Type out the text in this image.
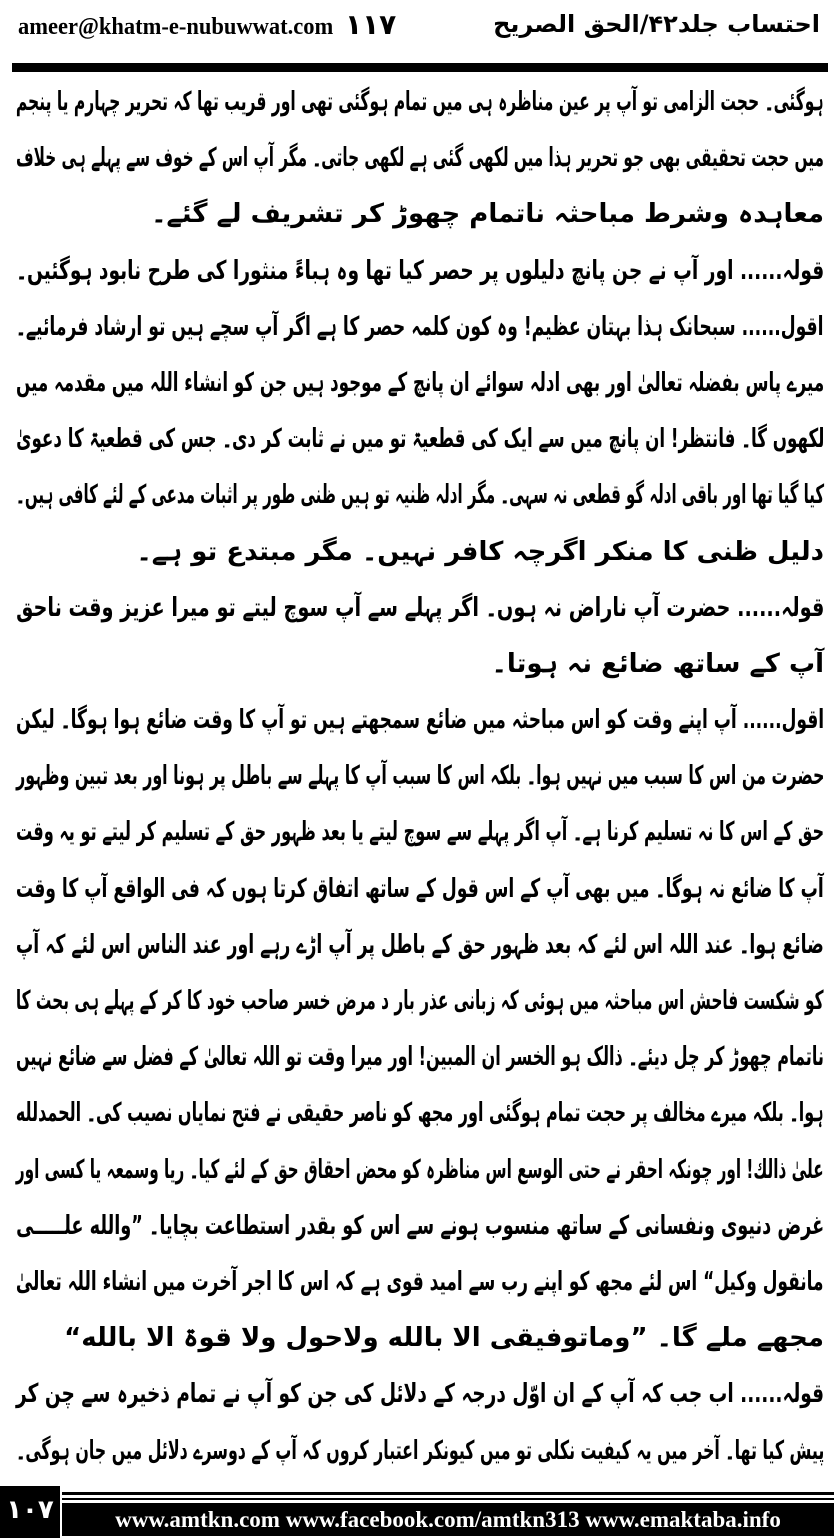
ameer@khatm-e-nubuwwat.com ۱۱۷	احتساب جلد۴۲/الحق الصریح
ہوگئی۔ حجت الزامی تو آپ پر عین مناظرہ ہی میں تمام ہوگئی تھی اور قریب تھا کہ تحریر چہارم یا پنجم
میں حجت تحقیقی بھی جو تحریر ہذا میں لکھی گئی ہے لکھی جاتی۔ مگر آپ اس کے خوف سے پہلے ہی خلاف
معاہدہ وشرط مباحثہ ناتمام چھوڑ کر تشریف لے گئے۔
قولہ...... اور آپ نے جن پانچ دلیلوں پر حصر کیا تھا وہ ہباءً منثورا کی طرح نابود ہوگئیں۔
اقول...... سبحانک ہذا بہتان عظیم! وہ کون کلمہ حصر کا ہے اگر آپ سچے ہیں تو ارشاد فرمائیے۔
میرے پاس بفضلہ تعالیٰ اور بھی ادلہ سوائے ان پانچ کے موجود ہیں جن کو انشاء اللہ میں مقدمہ میں
لکھوں گا۔ فانتظر! ان پانچ میں سے ایک کی قطعیۃ تو میں نے ثابت کر دی۔ جس کی قطعیۃ کا دعویٰ
کیا گیا تھا اور باقی ادلہ گو قطعی نہ سہی۔ مگر ادلہ ظنیہ تو ہیں ظنی طور پر اثبات مدعی کے لئے کافی ہیں۔
دلیل ظنی کا منکر اگرچہ کافر نہیں۔ مگر مبتدع تو ہے۔
قولہ...... حضرت آپ ناراض نہ ہوں۔ اگر پہلے سے آپ سوچ لیتے تو میرا عزیز وقت ناحق
آپ کے ساتھ ضائع نہ ہوتا۔
اقول...... آپ اپنے وقت کو اس مباحثہ میں ضائع سمجھتے ہیں تو آپ کا وقت ضائع ہوا ہوگا۔ لیکن
حضرت من اس کا سبب میں نہیں ہوا۔ بلکہ اس کا سبب آپ کا پہلے سے باطل پر ہونا اور بعد تبین وظہور
حق کے اس کا نہ تسلیم کرنا ہے۔ آپ اگر پہلے سے سوچ لیتے یا بعد ظہور حق کے تسلیم کر لیتے تو یہ وقت
آپ کا ضائع نہ ہوگا۔ میں بھی آپ کے اس قول کے ساتھ اتفاق کرتا ہوں کہ فی الواقع آپ کا وقت
ضائع ہوا۔ عند اللہ اس لئے کہ بعد ظہور حق کے باطل پر آپ اڑے رہے اور عند الناس اس لئے کہ آپ
کو شکست فاحش اس مباحثہ میں ہوئی کہ زبانی عذر بار د مرض خسر صاحب خود کا کر کے پہلے ہی بحث کا
ناتمام چھوڑ کر چل دیئے۔ ذالک ہو الخسر ان المبین! اور میرا وقت تو اللہ تعالیٰ کے فضل سے ضائع نہیں
ہوا۔ بلکہ میرے مخالف پر حجت تمام ہوگئی اور مجھ کو ناصر حقیقی نے فتح نمایاں نصیب کی۔ الحمدلله
علیٰ ذالك! اور چونکہ احقر نے حتی الوسع اس مناظرہ کو محض احقاق حق کے لئے کیا۔ ریا وسمعہ یا کسی اور
غرض دنیوی ونفسانی کے ساتھ منسوب ہونے سے اس کو بقدر استطاعت بچایا۔ ”والله علـــــی
مانقول وکیل“ اس لئے مجھ کو اپنے رب سے امید قوی ہے کہ اس کا اجر آخرت میں انشاء اللہ تعالیٰ
مجھے ملے گا۔ ”وماتوفیقی الا بالله ولاحول ولا قوۃ الا بالله“
قولہ...... اب جب کہ آپ کے ان اوّل درجہ کے دلائل کی جن کو آپ نے تمام ذخیرہ سے چن کر
پیش کیا تھا۔ آخر میں یہ کیفیت نکلی تو میں کیونکر اعتبار کروں کہ آپ کے دوسرے دلائل میں جان ہوگی۔
۱۰۷	www.amtkn.com www.facebook.com/amtkn313 www.emaktaba.info
